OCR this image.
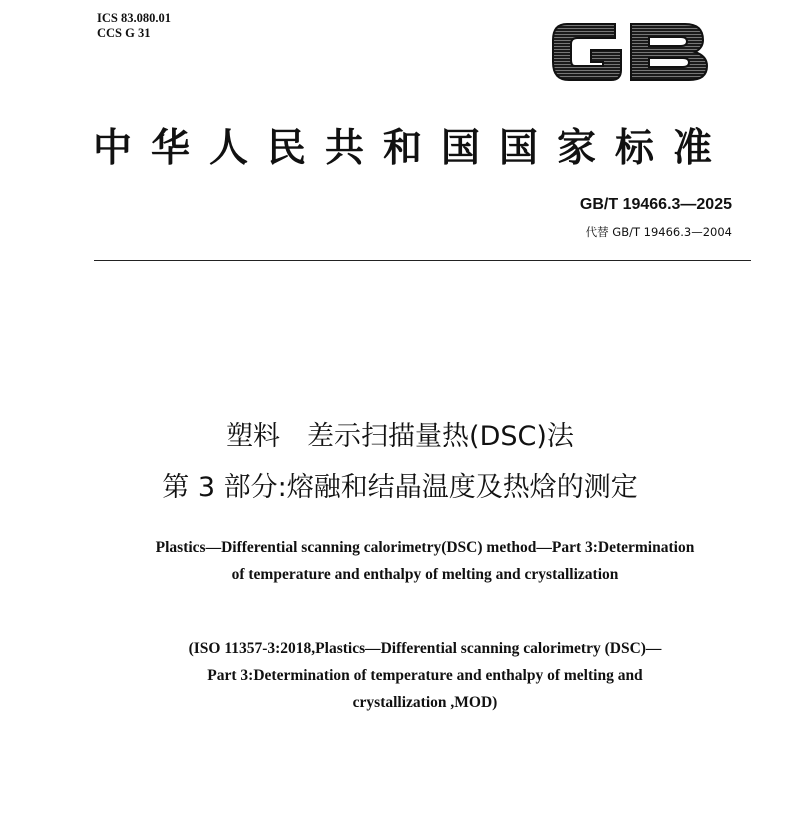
ICS 83.080.01
CCS G 31
GB
中华人民共和国国家标准
GB/T 19466.3—2025
代替 GB/T 19466.3—2004
塑料　差示扫描量热(DSC)法
第 3 部分:熔融和结晶温度及热焓的测定
Plastics—Differential scanning calorimetry(DSC) method—Part 3:Determination
of temperature and enthalpy of melting and crystallization
(ISO 11357-3:2018,Plastics—Differential scanning calorimetry (DSC)—
Part 3:Determination of temperature and enthalpy of melting and
crystallization ,MOD)
